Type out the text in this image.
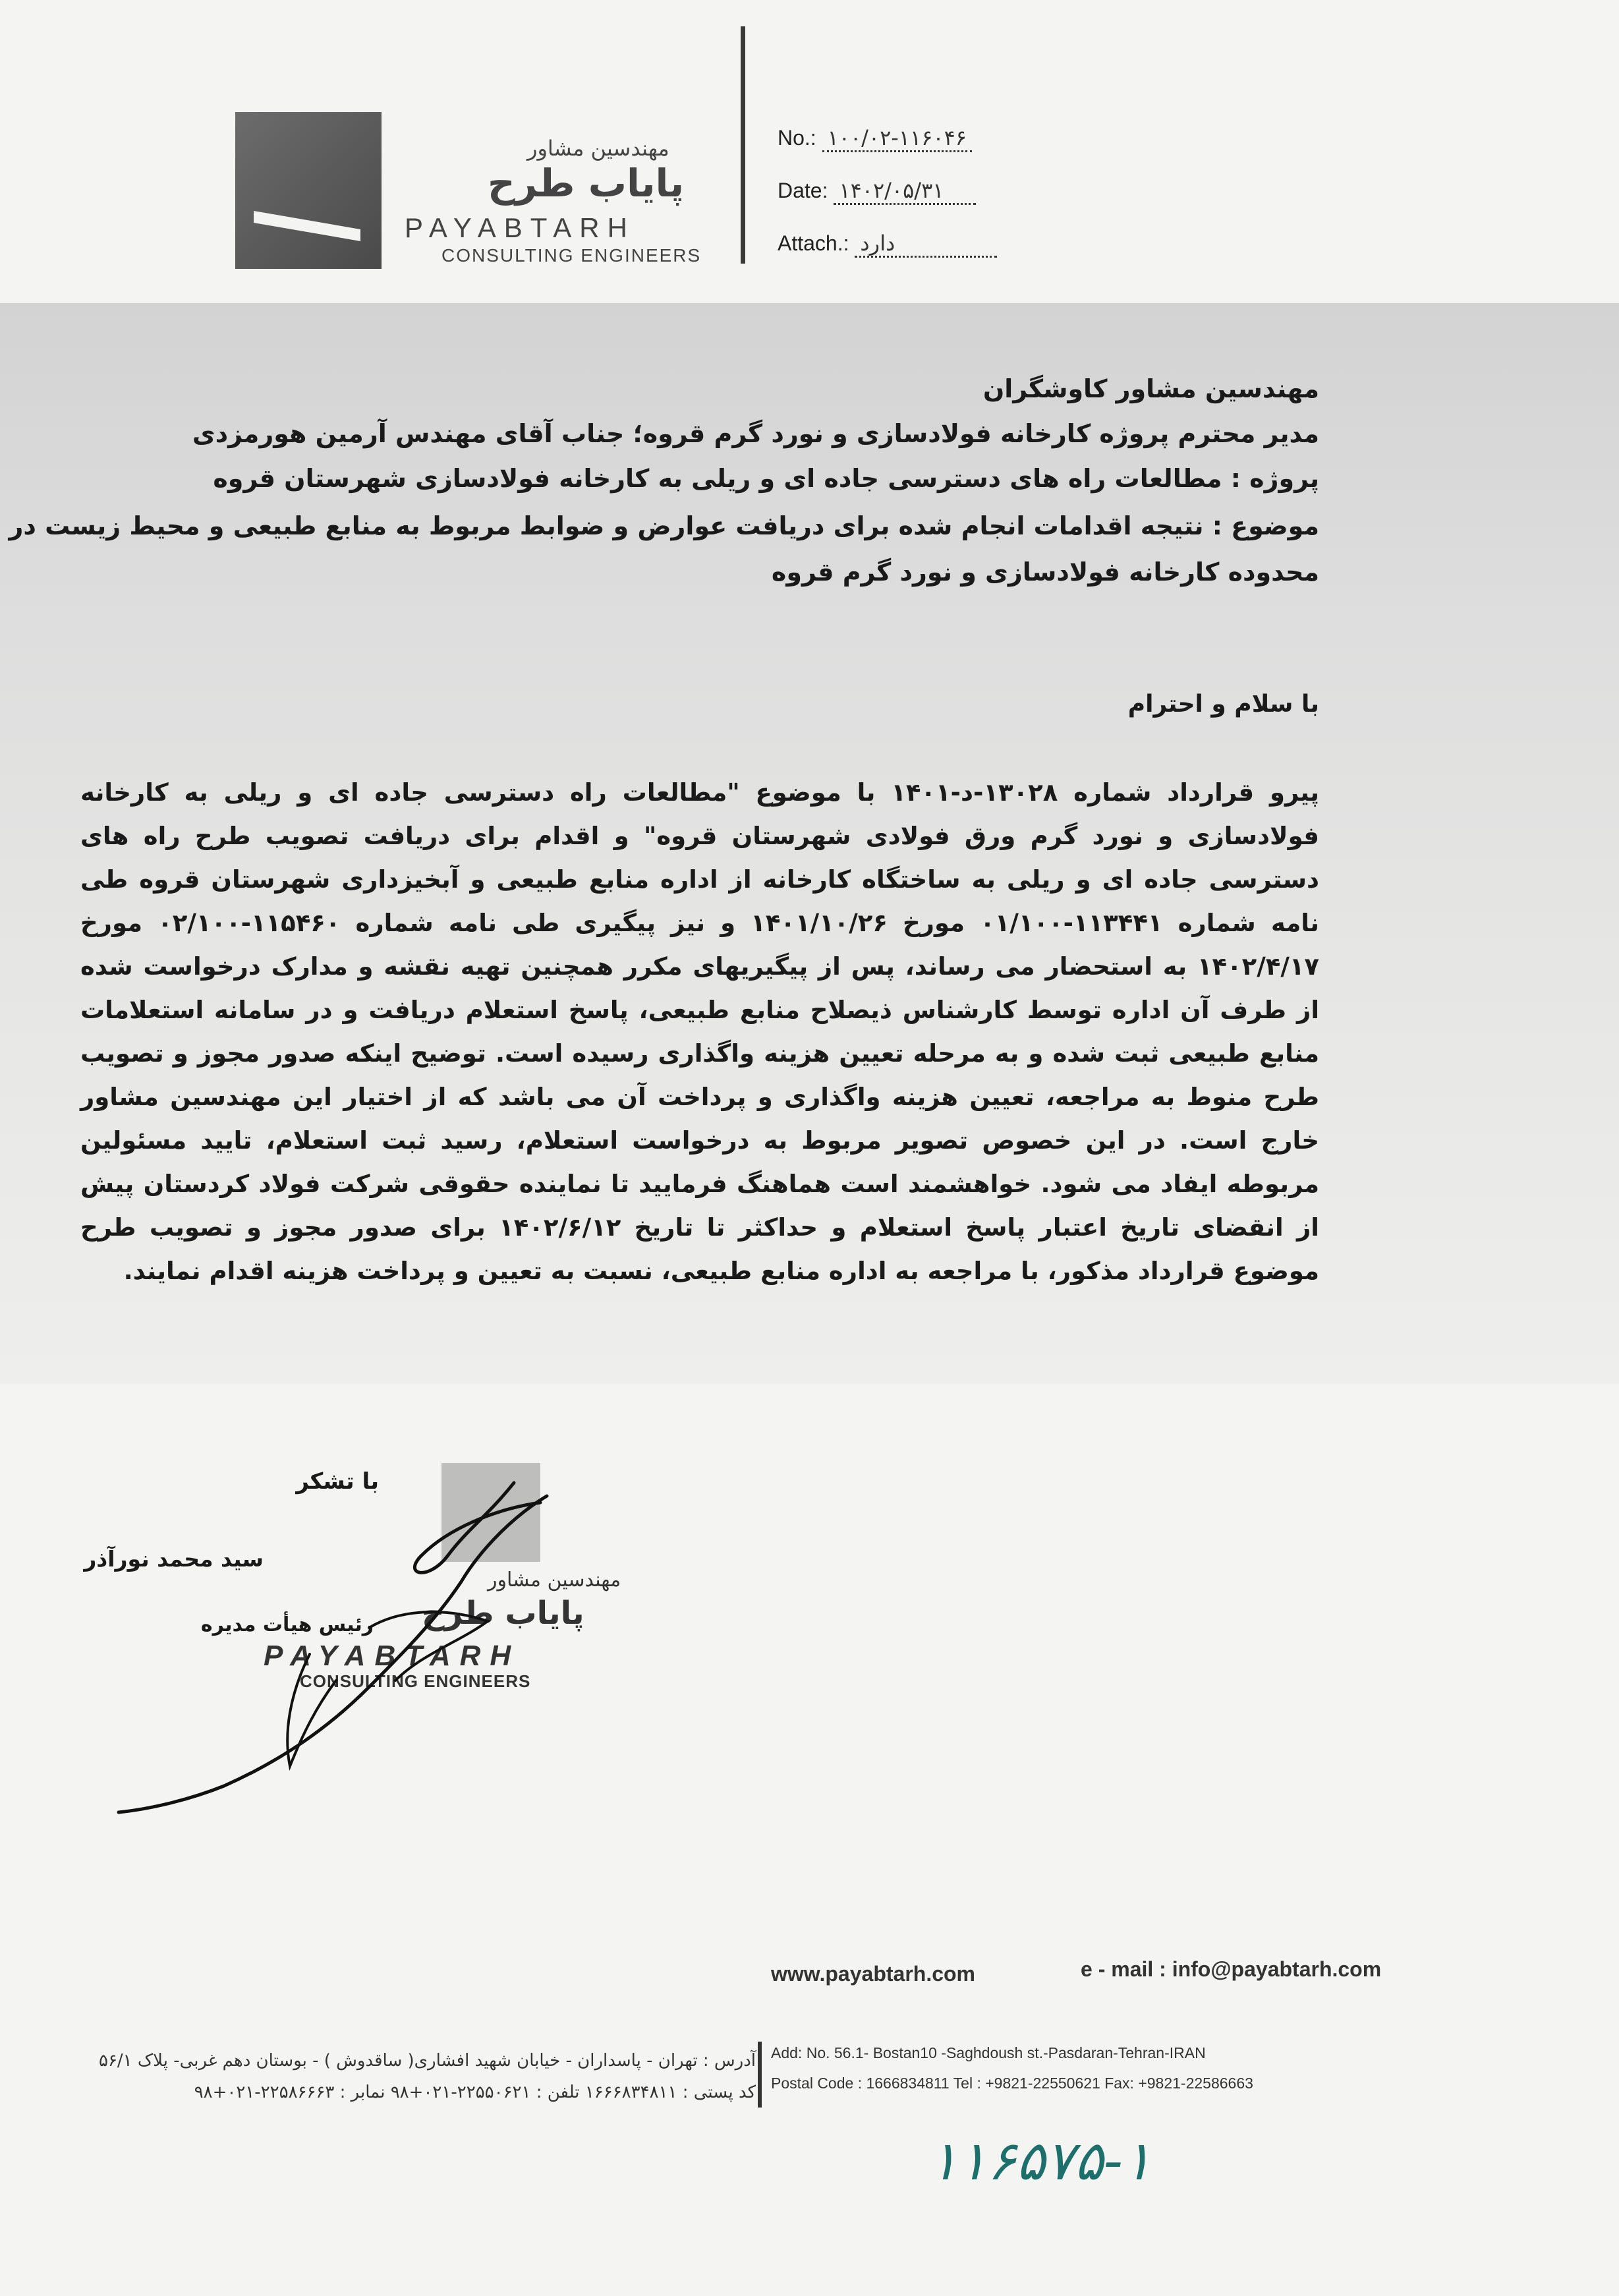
مهندسین مشاور
پایاب طرح
PAYABTARH
CONSULTING ENGINEERS
No.: ۱۰۰/۰۲-۱۱۶۰۴۶
Date: ۱۴۰۲/۰۵/۳۱
Attach.: دارد
مهندسین مشاور کاوشگران
مدیر محترم پروژه کارخانه فولادسازی و نورد گرم قروه؛ جناب آقای مهندس آرمین هورمزدی
پروژه : مطالعات راه های دسترسی جاده ای و ریلی به کارخانه فولادسازی شهرستان قروه
موضوع : نتیجه اقدامات انجام شده برای دریافت عوارض و ضوابط مربوط به منابع طبیعی و محیط زیست در
محدوده کارخانه فولادسازی و نورد گرم قروه
با سلام و احترام
پیرو قرارداد شماره ۱۳۰۲۸-د-۱۴۰۱ با موضوع "مطالعات راه دسترسی جاده ای و ریلی به کارخانه فولادسازی و نورد گرم ورق فولادی شهرستان قروه" و اقدام برای دریافت تصویب طرح راه های دسترسی جاده ای و ریلی به ساختگاه کارخانه از اداره منابع طبیعی و آبخیزداری شهرستان قروه طی نامه شماره ۱۱۳۴۴۱-۰۱/۱۰۰ مورخ ۱۴۰۱/۱۰/۲۶ و نیز پیگیری طی نامه شماره ۱۱۵۴۶۰-۰۲/۱۰۰ مورخ ۱۴۰۲/۴/۱۷ به استحضار می رساند، پس از پیگیریهای مکرر همچنین تهیه نقشه و مدارک درخواست شده از طرف آن اداره توسط کارشناس ذیصلاح منابع طبیعی، پاسخ استعلام دریافت و در سامانه استعلامات منابع طبیعی ثبت شده و به مرحله تعیین هزینه واگذاری رسیده است. توضیح اینکه صدور مجوز و تصویب طرح منوط به مراجعه، تعیین هزینه واگذاری و پرداخت آن می باشد که از اختیار این مهندسین مشاور خارج است. در این خصوص تصویر مربوط به درخواست استعلام، رسید ثبت استعلام، تایید مسئولین مربوطه ایفاد می شود. خواهشمند است هماهنگ فرمایید تا نماینده حقوقی شرکت فولاد کردستان پیش از انقضای تاریخ اعتبار پاسخ استعلام و حداکثر تا تاریخ ۱۴۰۲/۶/۱۲ برای صدور مجوز و تصویب طرح موضوع قرارداد مذکور، با مراجعه به اداره منابع طبیعی، نسبت به تعیین و پرداخت هزینه اقدام نمایند.
با تشکر
سید محمد نورآذر
مهندسین مشاور
پایاب طرح
رئیس هیأت مدیره
PAYABTARH
CONSULTING ENGINEERS
www.payabtarh.com	e - mail : info@payabtarh.com
Add: No. 56.1- Bostan10 -Saghdoush st.-Pasdaran-Tehran-IRAN
Postal Code : 1666834811 Tel : +9821-22550621 Fax: +9821-22586663
آدرس : تهران - پاسداران - خیابان شهید افشاری( ساقدوش ) - بوستان دهم غربی- پلاک ۵۶/۱
کد پستی : ۱۶۶۶۸۳۴۸۱۱ تلفن : ۲۲۵۵۰۶۲۱-۰۲۱+۹۸ نمابر : ۲۲۵۸۶۶۶۳-۰۲۱+۹۸
۱۱۶۵۷۵-۱
